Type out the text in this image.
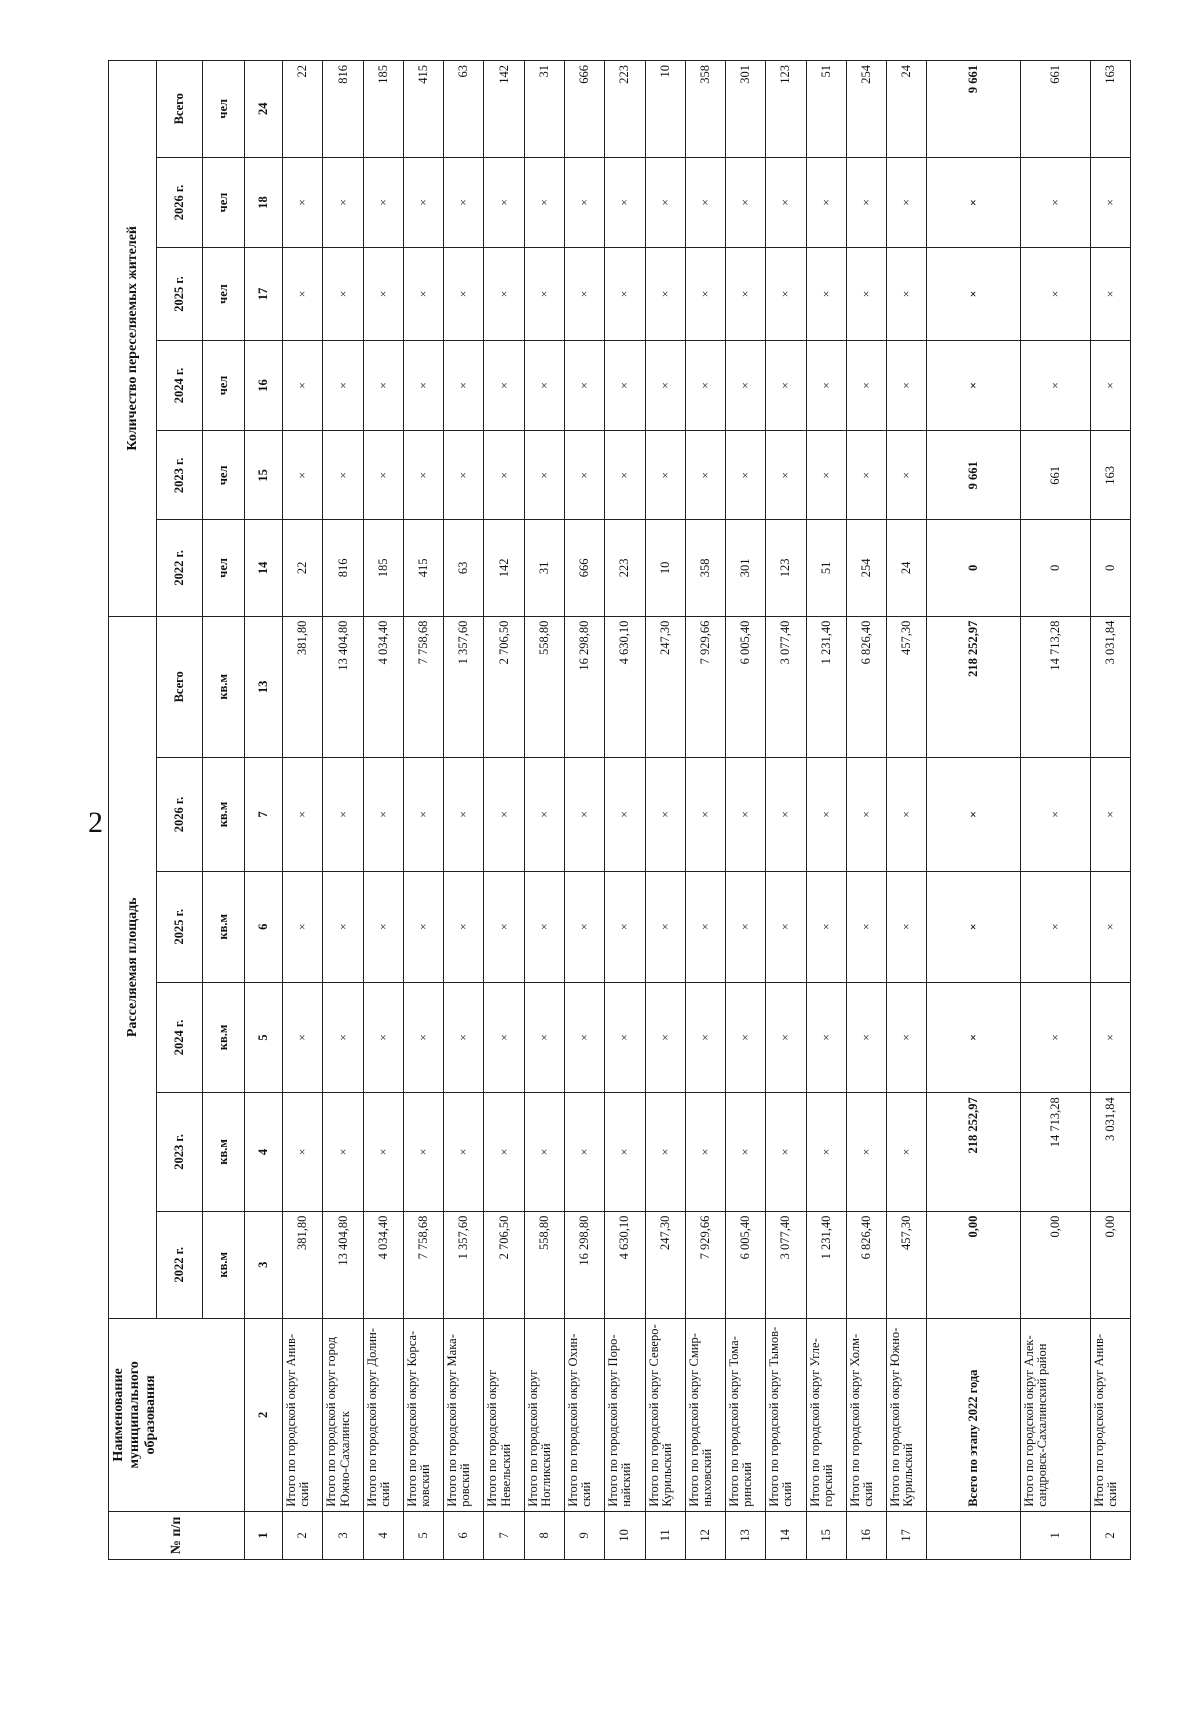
2
№ п/п	Наименование муниципального образования	Расселяемая площадь						Количество переселяемых жителей					
		2022 г.	2023 г.	2024 г.	2025 г.	2026 г.	Всего	2022 г.	2023 г.	2024 г.	2025 г.	2026 г.	Всего
		кв.м	кв.м	кв.м	кв.м	кв.м	кв.м	чел	чел	чел	чел	чел	чел
1	2	3	4	5	6	7	13	14	15	16	17	18	24
2	Итого по городской округ Анив-ский	381,80	×	×	×	×	381,80	22	×	×	×	×	22
3	Итого по городской округ город Южно-Сахалинск	13 404,80	×	×	×	×	13 404,80	816	×	×	×	×	816
4	Итого по городской округ Долин-ский	4 034,40	×	×	×	×	4 034,40	185	×	×	×	×	185
5	Итого по городской округ Корса-ковский	7 758,68	×	×	×	×	7 758,68	415	×	×	×	×	415
6	Итого по городской округ Мака-ровский	1 357,60	×	×	×	×	1 357,60	63	×	×	×	×	63
7	Итого по городской округ Невельский	2 706,50	×	×	×	×	2 706,50	142	×	×	×	×	142
8	Итого по городской округ Ногликский	558,80	×	×	×	×	558,80	31	×	×	×	×	31
9	Итого по городской округ Охин-ский	16 298,80	×	×	×	×	16 298,80	666	×	×	×	×	666
10	Итого по городской округ Поро-найский	4 630,10	×	×	×	×	4 630,10	223	×	×	×	×	223
11	Итого по городской округ Северо-Курильский	247,30	×	×	×	×	247,30	10	×	×	×	×	10
12	Итого по городской округ Смир-ныховский	7 929,66	×	×	×	×	7 929,66	358	×	×	×	×	358
13	Итого по городской округ Тома-ринский	6 005,40	×	×	×	×	6 005,40	301	×	×	×	×	301
14	Итого по городской округ Тымов-ский	3 077,40	×	×	×	×	3 077,40	123	×	×	×	×	123
15	Итого по городской округ Угле-горский	1 231,40	×	×	×	×	1 231,40	51	×	×	×	×	51
16	Итого по городской округ Холм-ский	6 826,40	×	×	×	×	6 826,40	254	×	×	×	×	254
17	Итого по городской округ Южно-Курильский	457,30	×	×	×	×	457,30	24	×	×	×	×	24
	Всего по этапу 2022 года	0,00	218 252,97	×	×	×	218 252,97	0	9 661	×	×	×	9 661
1	Итого по городской округ Алек-сандровск-Сахалинский район	0,00	14 713,28	×	×	×	14 713,28	0	661	×	×	×	661
2	Итого по городской округ Анив-ский	0,00	3 031,84	×	×	×	3 031,84	0	163	×	×	×	163
